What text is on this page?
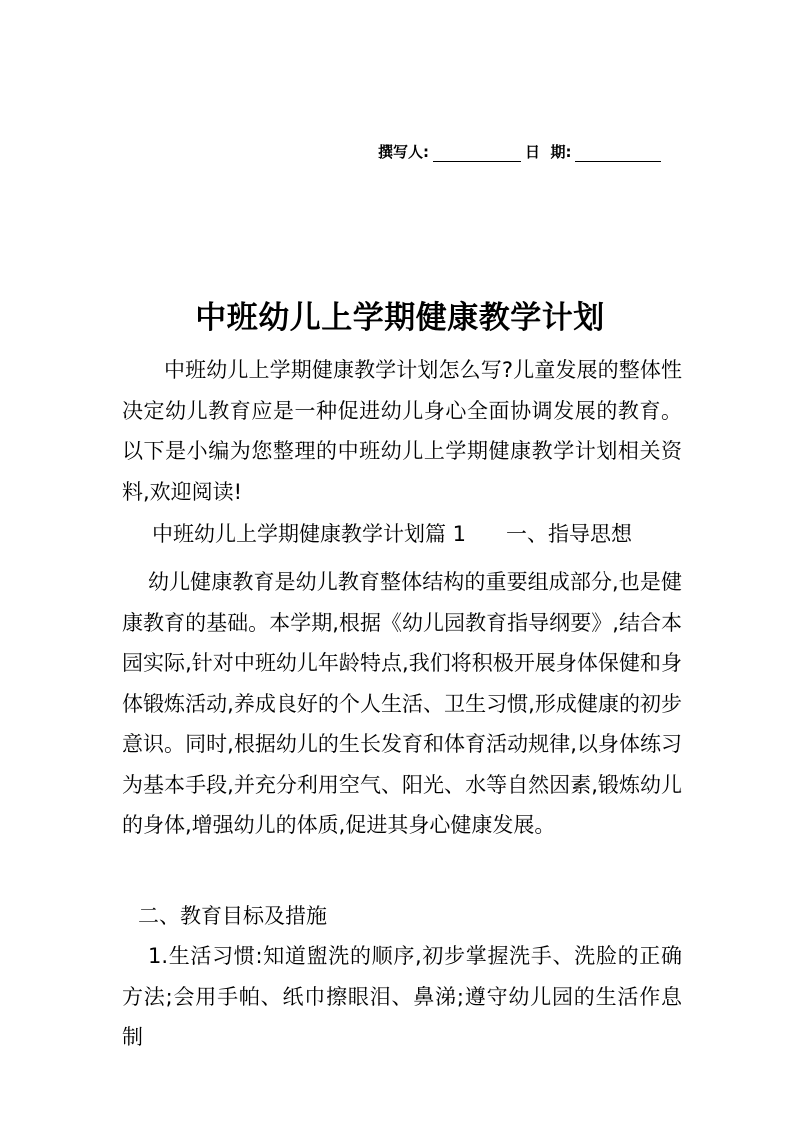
撰写人:	日  期:
中班幼儿上学期健康教学计划
中班幼儿上学期健康教学计划怎么写?儿童发展的整体性决定幼儿教育应是一种促进幼儿身心全面协调发展的教育。以下是小编为您整理的中班幼儿上学期健康教学计划相关资料,欢迎阅读!
中班幼儿上学期健康教学计划篇 1 一、指导思想
幼儿健康教育是幼儿教育整体结构的重要组成部分,也是健康教育的基础。本学期,根据《幼儿园教育指导纲要》,结合本园实际,针对中班幼儿年龄特点,我们将积极开展身体保健和身体锻炼活动,养成良好的个人生活、卫生习惯,形成健康的初步意识。同时,根据幼儿的生长发育和体育活动规律,以身体练习为基本手段,并充分利用空气、阳光、水等自然因素,锻炼幼儿的身体,增强幼儿的体质,促进其身心健康发展。
二、教育目标及措施
1.生活习惯:知道盥洗的顺序,初步掌握洗手、洗脸的正确方法;会用手帕、纸巾擦眼泪、鼻涕;遵守幼儿园的生活作息制
